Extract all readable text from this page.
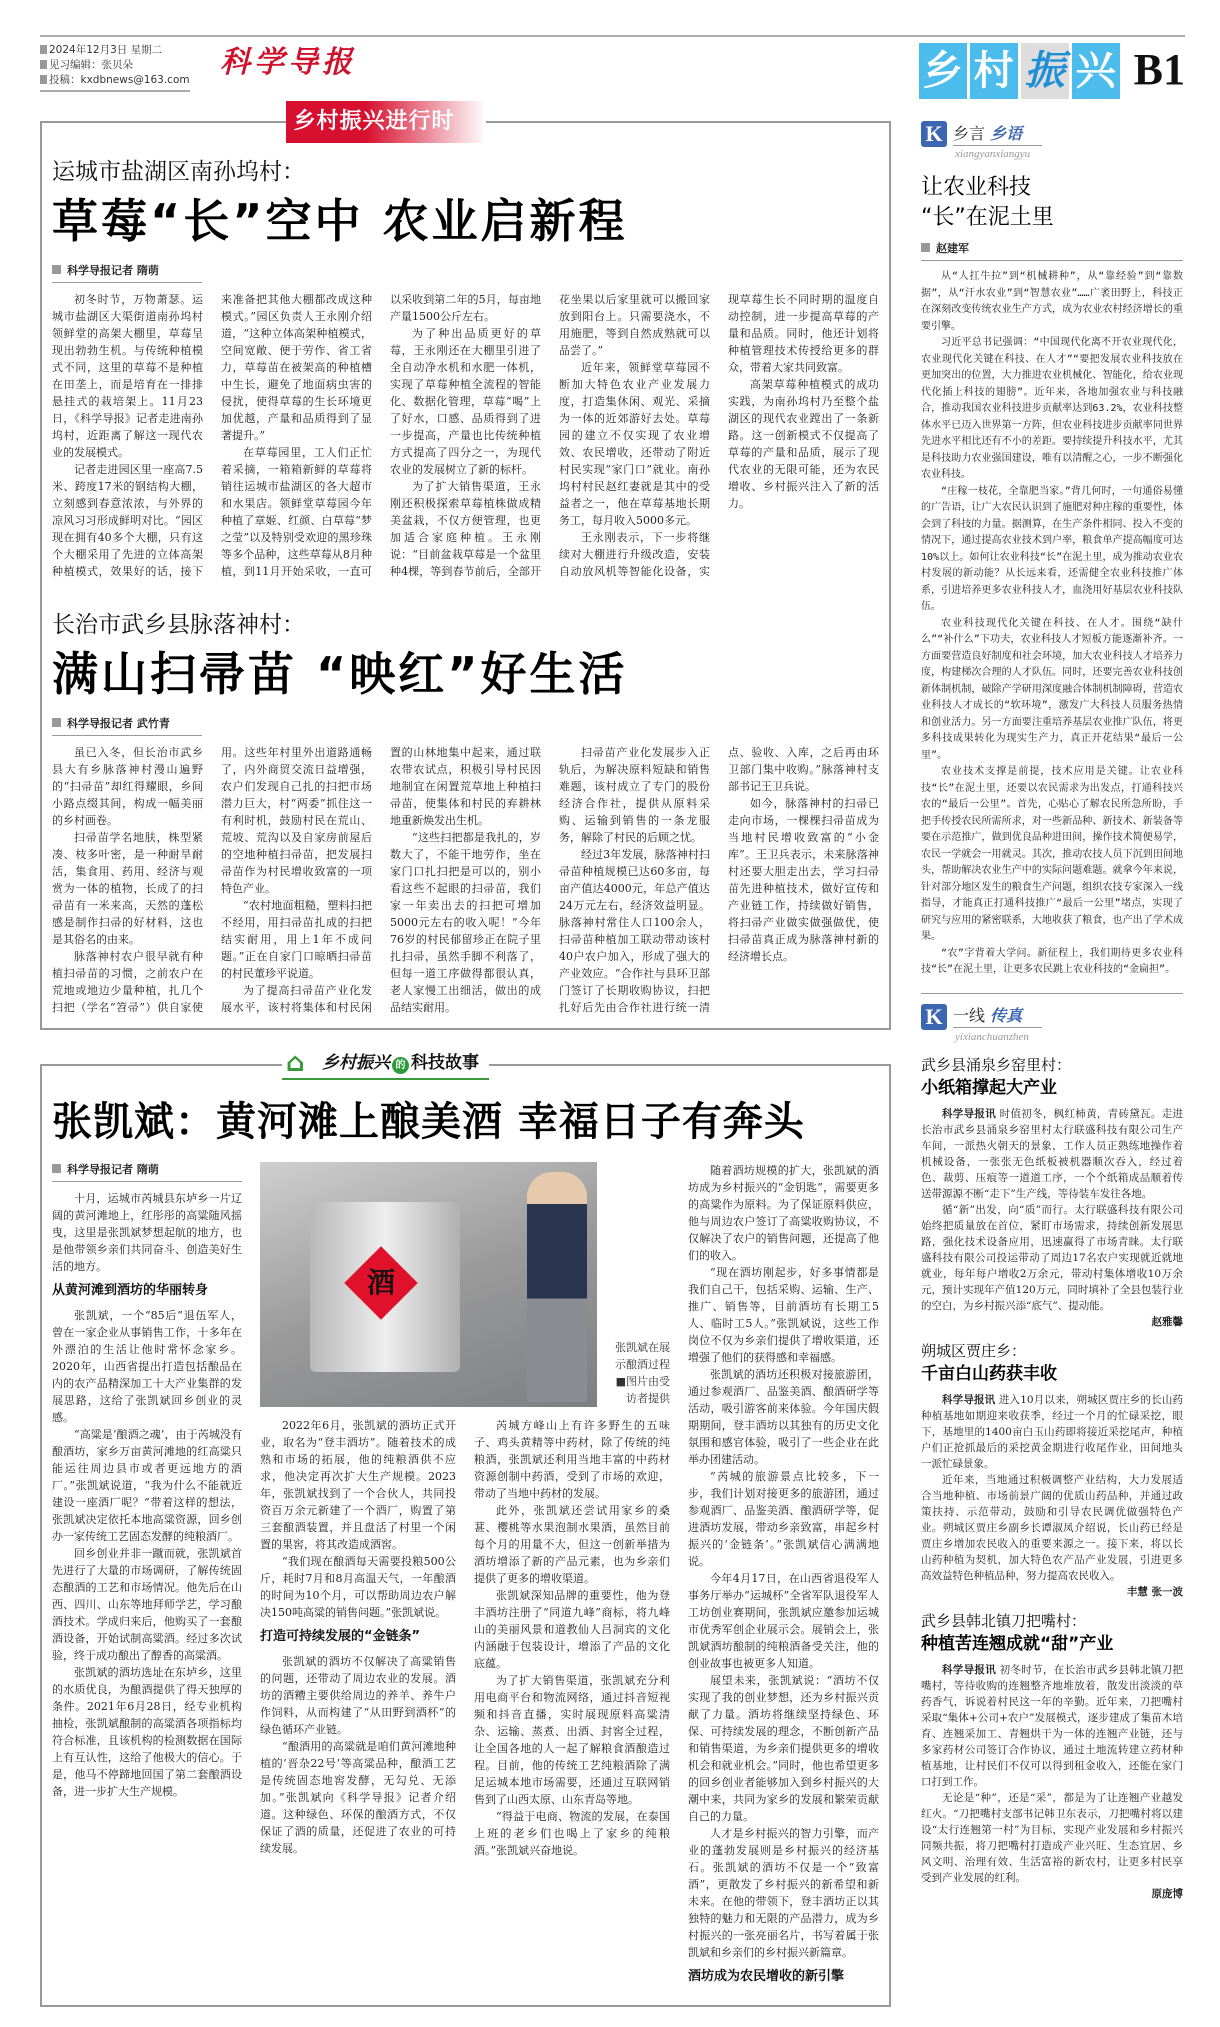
2024年12月3日 星期二
见习编辑：张贝朵
投稿：kxdbnews@163.com 科学导报	乡 村 振 兴 B1
乡村振兴进行时
运城市盐湖区南孙坞村：
草莓“长”空中 农业启新程
科学导报记者 隋萌

初冬时节，万物萧瑟。运城市盐湖区大渠街道南孙坞村领鲜堂的高架大棚里，草莓呈现出勃勃生机。与传统种植模式不同，这里的草莓不是种植在田垄上，而是培育在一排排悬挂式的栽培架上。11月23日，《科学导报》记者走进南孙坞村，近距离了解这一现代农业的发展模式。

记者走进园区里一座高7.5米、跨度17米的钢结构大棚，立刻感到春意浓浓，与外界的凉风习习形成鲜明对比。“园区现在拥有40多个大棚，只有这个大棚采用了先进的立体高架种植模式，效果好的话，接下来准备把其他大棚都改成这种模式。”园区负责人王永刚介绍道，“这种立体高架种植模式，空间宽敞、便于劳作、省工省力，草莓苗在被架高的种植槽中生长，避免了地面病虫害的侵扰，使得草莓的生长环境更加优越，产量和品质得到了显著提升。”

在草莓园里，工人们正忙着采摘，一箱箱新鲜的草莓将销往运城市盐湖区的各大超市和水果店。领鲜堂草莓园今年种植了章姬、红颜、白草莓“梦之莹”以及特别受欢迎的黑珍珠等多个品种，这些草莓从8月种植，到11月开始采收，一直可以采收到第二年的5月，每亩地产量1500公斤左右。

为了种出品质更好的草莓，王永刚还在大棚里引进了全自动净水机和水肥一体机，实现了草莓种植全流程的智能化、数据化管理，草莓“喝”上了好水，口感、品质得到了进一步提高，产量也比传统种植方式提高了四分之一，为现代农业的发展树立了新的标杆。

为了扩大销售渠道，王永刚还积极探索草莓植株做成精美盆栽，不仅方便管理，也更加适合家庭种植。王永刚说：“目前盆栽草莓是一个盆里种4棵，等到春节前后，全部开花坐果以后家里就可以搬回家放到阳台上。只需要浇水，不用施肥，等到自然成熟就可以品尝了。”

近年来，领鲜堂草莓园不断加大特色农业产业发展力度，打造集休闲、观光、采摘为一体的近郊游好去处。草莓园的建立不仅实现了农业增效、农民增收，还带动了附近村民实现“家门口”就业。南孙坞村村民赵红妻就是其中的受益者之一，他在草莓基地长期务工，每月收入5000多元。

王永刚表示，下一步将继续对大棚进行升级改造，安装自动放风机等智能化设备，实现草莓生长不同时期的温度自动控制，进一步提高草莓的产量和品质。同时，他还计划将种植管理技术传授给更多的群众，带着大家共同致富。

高架草莓种植模式的成功实践，为南孙坞村乃至整个盐湖区的现代农业蹚出了一条新路。这一创新模式不仅提高了草莓的产量和品质，展示了现代农业的无限可能，还为农民增收、乡村振兴注入了新的活力。

长治市武乡县脉落神村：
满山扫帚苗 “映红”好生活
科学导报记者 武竹青

虽已入冬，但长治市武乡县大有乡脉落神村漫山遍野的“扫帚苗”却红得耀眼，乡间小路点缀其间，构成一幅美丽的乡村画卷。

扫帚苗学名地肤，株型紧凑、枝多叶密，是一种耐旱耐活，集食用、药用、经济与观赏为一体的植物，长成了的扫帚苗有一米来高，天然的蓬松感是制作扫帚的好材料，这也是其俗名的由来。

脉落神村农户很早就有种植扫帚苗的习惯，之前农户在荒地或地边少量种植，扎几个扫把（学名“笤帚”）供自家使用。这些年村里外出道路通畅了，内外商贸交流日益增强，农户们发现自己扎的扫把市场潜力巨大，村“两委”抓住这一有利时机，鼓励村民在荒山、荒坡、荒沟以及自家房前屋后的空地种植扫帚苗，把发展扫帚苗作为村民增收致富的一项特色产业。

“农村地面粗糙，塑料扫把不经用，用扫帚苗扎成的扫把结实耐用，用上1年不成问题。”正在自家门口晾晒扫帚苗的村民董珍平说道。

为了提高扫帚苗产业化发展水平，该村将集体和村民闲置的山林地集中起来，通过联农带农试点，积极引导村民因地制宜在闲置荒草地上种植扫帚苗，使集体和村民的弃耕林地重新焕发出生机。

“这些扫把都是我扎的，岁数大了，不能干地劳作，坐在家门口扎扫把是可以的，别小看这些不起眼的扫帚苗，我们家一年卖出去的扫把可增加5000元左右的收入呢！”今年76岁的村民郁留珍正在院子里扎扫帚，虽然手脚不利落了，但每一道工序做得都很认真，老人家慢工出细活，做出的成品结实耐用。

扫帚苗产业化发展步入正轨后，为解决原料短缺和销售难题，该村成立了专门的股份经济合作社，提供从原料采购、运输到销售的一条龙服务，解除了村民的后顾之忧。

经过3年发展，脉落神村扫帚苗种植规模已达60多亩，每亩产值达4000元，年总产值达24万元左右，经济效益明显。脉落神村常住人口100余人，扫帚苗种植加工联动带动该村40户农户加入，形成了强大的产业效应。“合作社与县环卫部门签订了长期收购协议，扫把扎好后先由合作社进行统一清点、验收、入库，之后再由环卫部门集中收购。”脉落神村支部书记王卫兵说。

如今，脉落神村的扫帚已走向市场，一棵棵扫帚苗成为当地村民增收致富的“小金库”。王卫兵表示，未来脉落神村还要大胆走出去，学习扫帚苗先进种植技术，做好宣传和产业链工作，持续做好销售，将扫帚产业做实做强做优，使扫帚苗真正成为脉落神村新的经济增长点。

⌂ 乡村振兴 的 科技故事
张凯斌：黄河滩上酿美酒 幸福日子有奔头
科学导报记者 隋萌

十月，运城市芮城县东垆乡一片辽阔的黄河滩地上，红彤彤的高粱随风摇曳，这里是张凯斌梦想起航的地方，也是他带领乡亲们共同奋斗、创造美好生活的地方。

从黄河滩到酒坊的华丽转身

张凯斌，一个“85后”退伍军人，曾在一家企业从事销售工作，十多年在外漂泊的生活让他时常怀念家乡。2020年，山西省提出打造包括酿品在内的农产品精深加工十大产业集群的发展思路，这给了张凯斌回乡创业的灵感。

“高粱是‘酿酒之魂’，由于芮城没有酿酒坊，家乡万亩黄河滩地的红高粱只能运往周边县市或者更远地方的酒厂。”张凯斌说道，“我为什么不能就近建设一座酒厂呢？”带着这样的想法，张凯斌决定依托本地高粱资源，回乡创办一家传统工艺固态发酵的纯粮酒厂。

回乡创业并非一蹴而就，张凯斌首先进行了大量的市场调研，了解传统固态酿酒的工艺和市场情况。他先后在山西、四川、山东等地拜师学艺，学习酿酒技术。学成归来后，他购买了一套酿酒设备，开始试制高粱酒。经过多次试验，终于成功酿出了醇香的高粱酒。

张凯斌的酒坊选址在东垆乡，这里的水质优良，为酿酒提供了得天独厚的条件。2021年6月28日，经专业机构抽检，张凯斌酿制的高粱酒各项指标均符合标准，且该机构的检测数据在国际上有互认性，这给了他极大的信心。于是，他马不停蹄地回国了第二套酿酒设备，进一步扩大生产规模。

酒
张凯斌在展示酿酒过程 ■图片由受访者提供

2022年6月，张凯斌的酒坊正式开业，取名为“登丰酒坊”。随着技术的成熟和市场的拓展，他的纯粮酒供不应求，他决定再次扩大生产规模。2023年，张凯斌找到了一个合伙人，共同投资百万余元新建了一个酒厂，购置了第三套酿酒装置，并且盘活了村里一个闲置的果窖，将其改造成酒窖。

“我们现在酿酒每天需要投粮500公斤，耗时7月和8月高温天气，一年酿酒的时间为10个月，可以帮助周边农户解决150吨高粱的销售问题。”张凯斌说。

打造可持续发展的“金链条”

张凯斌的酒坊不仅解决了高粱销售的问题，还带动了周边农业的发展。酒坊的酒糟主要供给周边的养羊、养牛户作饲料，从而构建了“从田野到酒杯”的绿色循环产业链。

“酿酒用的高粱就是咱们黄河滩地种植的‘晋杂22号’等高粱品种，酿酒工艺是传统固态地窖发酵，无勾兑、无添加。”张凯斌向《科学导报》记者介绍道。这种绿色、环保的酿酒方式，不仅保证了酒的质量，还促进了农业的可持续发展。

芮城方峰山上有许多野生的五味子、鸡头黄精等中药材，除了传统的纯粮酒，张凯斌还利用当地丰富的中药材资源创制中药酒，受到了市场的欢迎，带动了当地中药材的发展。

此外，张凯斌还尝试用家乡的桑葚、樱桃等水果泡制水果酒，虽然目前每个月的用量不大，但这一创新举措为酒坊增添了新的产品元素，也为乡亲们提供了更多的增收渠道。

张凯斌深知品牌的重要性，他为登丰酒坊注册了“同道九峰”商标，将九峰山的美丽风景和道教仙人吕洞宾的文化内涵融于包装设计，增添了产品的文化底蕴。

为了扩大销售渠道，张凯斌充分利用电商平台和物流网络，通过抖音短视频和抖音直播，实时展现原料高粱清杂、运输、蒸煮、出酒、封窖全过程，让全国各地的人一起了解粮食酒酿造过程。目前，他的传统工艺纯粮酒除了满足运城本地市场需要，还通过互联网销售到了山西太原、山东青岛等地。

“得益于电商、物流的发展，在泰国上班的老乡们也喝上了家乡的纯粮酒。”张凯斌兴奋地说。

随着酒坊规模的扩大，张凯斌的酒坊成为乡村振兴的“金钥匙”，需要更多的高粱作为原料。为了保证原料供应，他与周边农户签订了高粱收购协议，不仅解决了农户的销售问题，还提高了他们的收入。

“现在酒坊刚起步，好多事情都是我们自己干，包括采购、运输、生产、推广、销售等，目前酒坊有长期工5人、临时工5人。”张凯斌说，这些工作岗位不仅为乡亲们提供了增收渠道，还增强了他们的获得感和幸福感。

张凯斌的酒坊还积极对接旅游团，通过参观酒厂、品鉴美酒、酿酒研学等活动，吸引游客前来体验。今年国庆假期期间，登丰酒坊以其独有的历史文化氛围和感官体验，吸引了一些企业在此举办团建活动。

“芮城的旅游景点比较多，下一步，我们计划对接更多的旅游团，通过参观酒厂、品鉴美酒、酿酒研学等，促进酒坊发展，带动乡亲致富，串起乡村振兴的‘金链条’。”张凯斌信心满满地说。

今年4月17日，在山西省退役军人事务厅举办“运城杯”全省军队退役军人工坊创业赛期间，张凯斌应邀参加运城市优秀军创企业展示会。展销会上，张凯斌酒坊酿制的纯粮酒备受关注，他的创业故事也被更多人知道。

展望未来，张凯斌说：“酒坊不仅实现了我的创业梦想，还为乡村振兴贡献了力量。酒坊将继续坚持绿色、环保、可持续发展的理念，不断创新产品和销售渠道，为乡亲们提供更多的增收机会和就业机会。”同时，他也希望更多的回乡创业者能够加入到乡村振兴的大潮中来，共同为家乡的发展和繁荣贡献自己的力量。

人才是乡村振兴的智力引擎，而产业的蓬勃发展则是乡村振兴的经济基石。张凯斌的酒坊不仅是一个“致富酒”，更散发了乡村振兴的新希望和新未来。在他的带领下，登丰酒坊正以其独特的魅力和无限的产品潜力，成为乡村振兴的一张亮丽名片，书写着属于张凯斌和乡亲们的乡村振兴新篇章。

酒坊成为农民增收的新引擎
K 乡言 乡语
xiangyanxiangyu
让农业科技
“长”在泥土里
赵建军

从“人扛牛拉”到“机械耕种”，从“靠经验”到“靠数据”，从“汗水农业”到“智慧农业”……广袤田野上，科技正在深刻改变传统农业生产方式，成为农业农村经济增长的重要引擎。

习近平总书记强调：“中国现代化离不开农业现代化，农业现代化关键在科技、在人才”“要把发展农业科技放在更加突出的位置，大力推进农业机械化、智能化，给农业现代化插上科技的翅膀”。近年来，各地加强农业与科技融合，推动我国农业科技进步贡献率达到63.2%，农业科技整体水平已迈入世界第一方阵，但农业科技进步贡献率同世界先进水平相比还有不小的差距。要持续提升科技水平，尤其是科技助力农业强国建设，唯有以清醒之心，一步不断强化农业科技。

“庄稼一枝花，全靠肥当家。”背几何时，一句通俗易懂的广告语，让广大农民认识到了施肥对种庄稼的重要性，体会到了科技的力量。据测算，在生产条件相同、投入不变的情况下，通过提高农业技术到户率，粮食单产提高幅度可达10%以上。如何让农业科技“长”在泥土里，成为推动农业农村发展的新动能？从长远来看，还需健全农业科技推广体系，引进培养更多农业科技人才，血浇用好基层农业科技队伍。

农业科技现代化关键在科技、在人才。围绕“缺什么”“补什么”下功夫，农业科技人才短板方能逐渐补齐。一方面要营造良好制度和社会环境，加大农业科技人才培养力度，构建梯次合理的人才队伍。同时，还要完善农业科技创新体制机制，破除产学研用深度融合体制机制障碍，营造农业科技人才成长的“软环境”，激发广大科技人员服务热情和创业活力。另一方面要注重培养基层农业推广队伍，将更多科技成果转化为现实生产力，真正开花结果“最后一公里”。

农业技术支撑是前提，技术应用是关键。让农业科技“长”在泥土里，还要以农民需求为出发点，打通科技兴农的“最后一公里”。首先，心贴心了解农民所急所盼，手把手传授农民所需所求，对一些新品种、新技术、新装备等要在示范推广，做到优良品种进田间，操作技术简便易学，农民一学就会一用就灵。其次，推动农技人员下沉到田间地头，帮助解决农业生产中的实际问题难题。就拿今年来说，针对部分地区发生的粮食生产问题，组织农技专家深入一线指导，才能真正打通科技推广“最后一公里”堵点，实现了研究与应用的紧密联系，大地收获了粮食，也产出了学术成果。

“农”字背着大学问。新征程上，我们期待更多农业科技“长”在泥土里，让更多农民跳上农业科技的“金扁担”。

K 一线 传真
yixianchuanzhen
武乡县涌泉乡窑里村：
小纸箱撑起大产业

科学导报讯 时值初冬，枫红柿黄，青砖黛瓦。走进长治市武乡县涌泉乡窑里村太行联盛科技有限公司生产车间，一派热火朝天的景象，工作人员正熟练地操作着机械设备，一张张无色纸板被机器顺次吞入，经过着色、裁剪、压痕等一道道工序，一个个纸箱成品顺着传送带源源不断“走下”生产线，等待装车发往各地。

循“新”出发，向“质”而行。太行联盛科技有限公司始终把质量放在首位，紧盯市场需求，持续创新发展思路，强化技术设备应用，迅速赢得了市场青睐。太行联盛科技有限公司投运带动了周边17名农户实现就近就地就业，每年每户增收2万余元，带动村集体增收10万余元，预计实现年产值120万元，同时填补了全县包装行业的空白，为乡村振兴添“底气”、提动能。

赵雅馨
朔城区贾庄乡：
千亩白山药获丰收

科学导报讯 进入10月以来，朔城区贾庄乡的长山药种植基地如期迎来收获季，经过一个月的忙碌采挖，眼下，基地里的1400亩白玉山药即将接近采挖尾声，种植户们正抢抓最后的采挖黄金期进行收尾作业，田间地头一派忙碌景象。

近年来，当地通过积极调整产业结构，大力发展适合当地种植、市场前景广阔的优质山药品种，并通过政策扶持、示范带动，鼓励和引导农民调优做强特色产业。朔城区贾庄乡副乡长谭淑凤介绍说，长山药已经是贾庄乡增加农民收入的重要来源之一。接下来，将以长山药种植为契机，加大特色农产品产业发展，引进更多高效益特色种植品种，努力提高农民收入。

丰慧 张一波
武乡县韩北镇刀把嘴村：
种植苦连翘成就“甜”产业

科学导报讯 初冬时节，在长治市武乡县韩北镇刀把嘴村，等待收购的连翘整齐地堆放着，散发出淡淡的草药香气，诉说着村民这一年的辛勤。近年来，刀把嘴村采取“集体+公司+农户”发展模式，逐步建成了集苗木培育、连翘采加工、青翘烘干为一体的连翘产业链，还与多家药材公司签订合作协议，通过土地流转建立药材种植基地，让村民们不仅可以得到租金收入，还能在家门口打到工作。

无论是“种”，还是“采”，都是为了让连翘产业越发红火。“刀把嘴村支部书记韩卫东表示，刀把嘴村将以建设“太行连翘第一村”为目标，实现产业发展和乡村振兴同频共振，将刀把嘴村打造成产业兴旺、生态宜居、乡风文明、治理有效、生活富裕的新农村，让更多村民享受到产业发展的红利。

原庞博
